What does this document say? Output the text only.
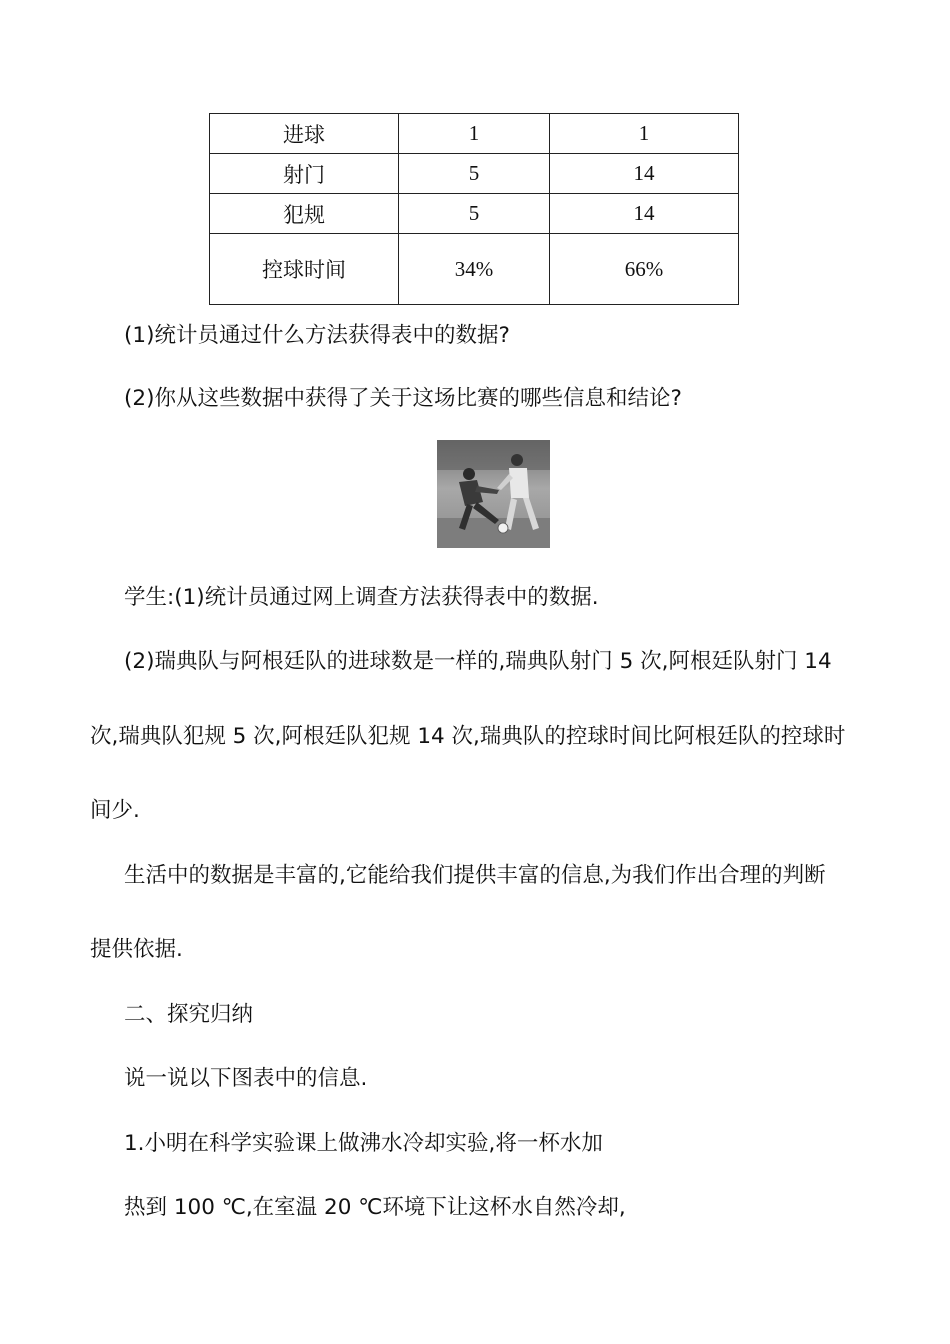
进球	1	1
射门	5	14
犯规	5	14
控球时间	34%	66%
(1)统计员通过什么方法获得表中的数据?
(2)你从这些数据中获得了关于这场比赛的哪些信息和结论?
学生:(1)统计员通过网上调查方法获得表中的数据.
(2)瑞典队与阿根廷队的进球数是一样的,瑞典队射门 5 次,阿根廷队射门 14
次,瑞典队犯规 5 次,阿根廷队犯规 14 次,瑞典队的控球时间比阿根廷队的控球时
间少.
生活中的数据是丰富的,它能给我们提供丰富的信息,为我们作出合理的判断
提供依据.
二、探究归纳
说一说以下图表中的信息.
1.小明在科学实验课上做沸水冷却实验,将一杯水加
热到 100 ℃,在室温 20 ℃环境下让这杯水自然冷却,
